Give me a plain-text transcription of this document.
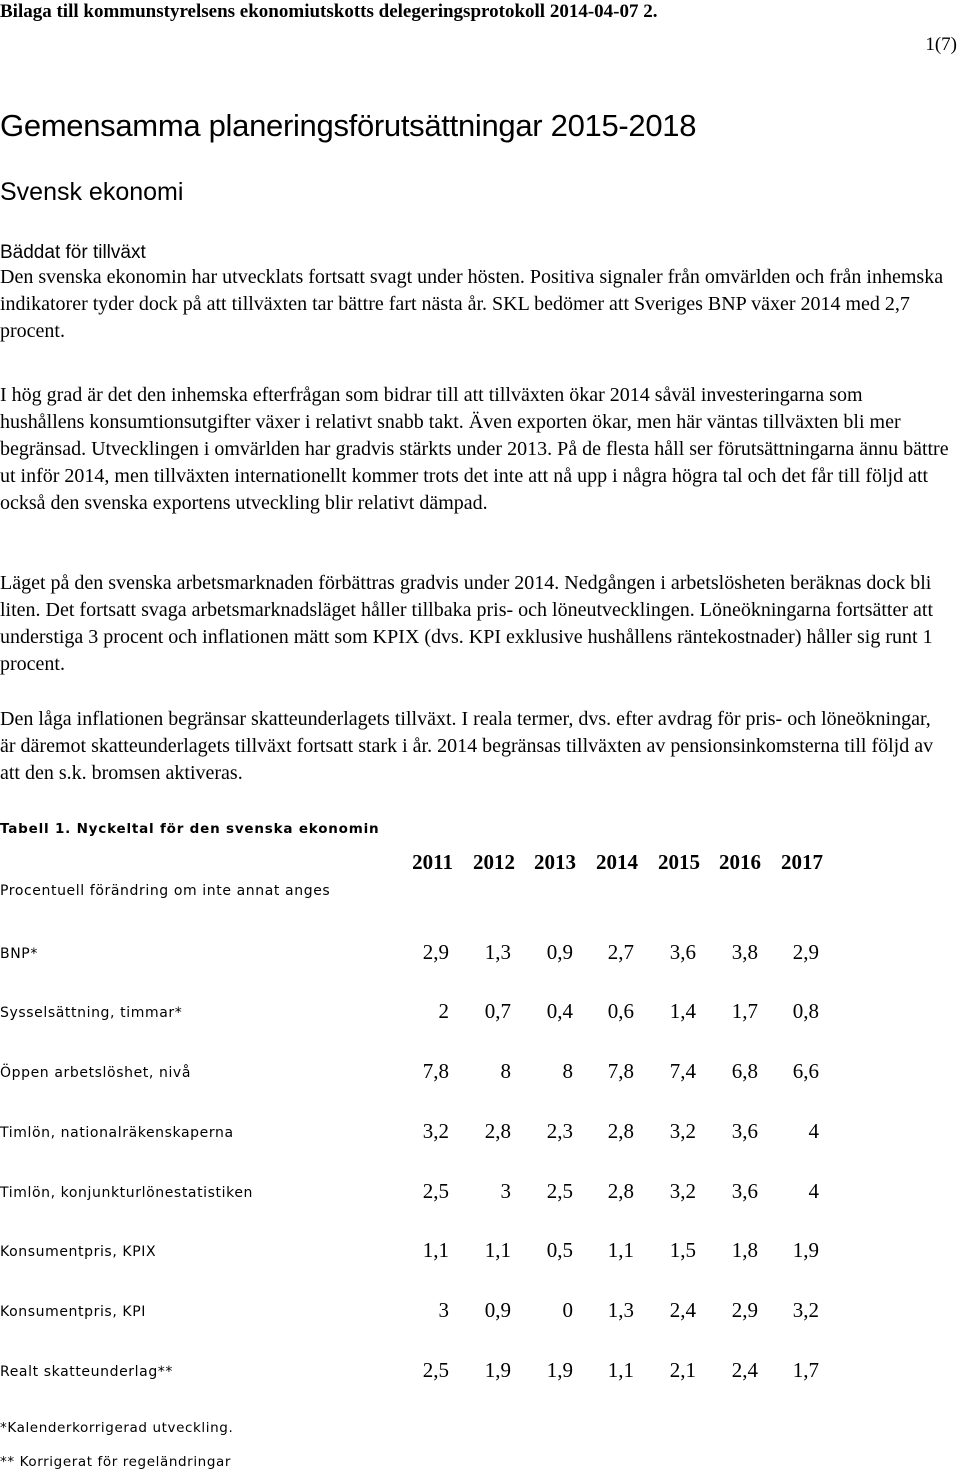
Bilaga till kommunstyrelsens ekonomiutskotts delegeringsprotokoll 2014-04-07 2.
1(7)
Gemensamma planeringsförutsättningar 2015-2018
Svensk ekonomi
Bäddat för tillväxt

Den svenska ekonomin har utvecklats fortsatt svagt under hösten. Positiva signaler från omvärlden och från inhemska indikatorer tyder dock på att tillväxten tar bättre fart nästa år. SKL bedömer att Sveriges BNP växer 2014 med 2,7 procent.

I hög grad är det den inhemska efterfrågan som bidrar till att tillväxten ökar 2014 såväl investeringarna som hushållens konsumtionsutgifter växer i relativt snabb takt. Även exporten ökar, men här väntas tillväxten bli mer begränsad. Utvecklingen i omvärlden har gradvis stärkts under 2013. På de flesta håll ser förutsättningarna ännu bättre ut inför 2014, men tillväxten internationellt kommer trots det inte att nå upp i några högra tal och det får till följd att också den svenska exportens utveckling blir relativt dämpad.

Läget på den svenska arbetsmarknaden förbättras gradvis under 2014. Nedgången i arbetslösheten beräknas dock bli liten. Det fortsatt svaga arbetsmarknadsläget håller tillbaka pris- och löneutvecklingen. Löneökningarna fortsätter att understiga 3 procent och inflationen mätt som KPIX (dvs. KPI exklusive hushållens räntekostnader) håller sig runt 1 procent.

Den låga inflationen begränsar skatteunderlagets tillväxt. I reala termer, dvs. efter avdrag för pris- och löneökningar, är däremot skatteunderlagets tillväxt fortsatt stark i år. 2014 begränsas tillväxten av pensionsinkomsterna till följd av att den s.k. bromsen aktiveras.

Tabell 1. Nyckeltal för den svenska ekonomin
Procentuell förändring om inte annat anges
2011 2012 2013 2014 2015 2016 2017
BNP*	2,9	1,3	0,9	2,7	3,6	3,8	2,9
Sysselsättning, timmar*	2	0,7	0,4	0,6	1,4	1,7	0,8
Öppen arbetslöshet, nivå	7,8	8	8	7,8	7,4	6,8	6,6
Timlön, nationalräkenskaperna	3,2	2,8	2,3	2,8	3,2	3,6	4
Timlön, konjunkturlönestatistiken	2,5	3	2,5	2,8	3,2	3,6	4
Konsumentpris, KPIX	1,1	1,1	0,5	1,1	1,5	1,8	1,9
Konsumentpris, KPI	3	0,9	0	1,3	2,4	2,9	3,2
Realt skatteunderlag**	2,5	1,9	1,9	1,1	2,1	2,4	1,7
*Kalenderkorrigerad utveckling.
** Korrigerat för regeländringar
